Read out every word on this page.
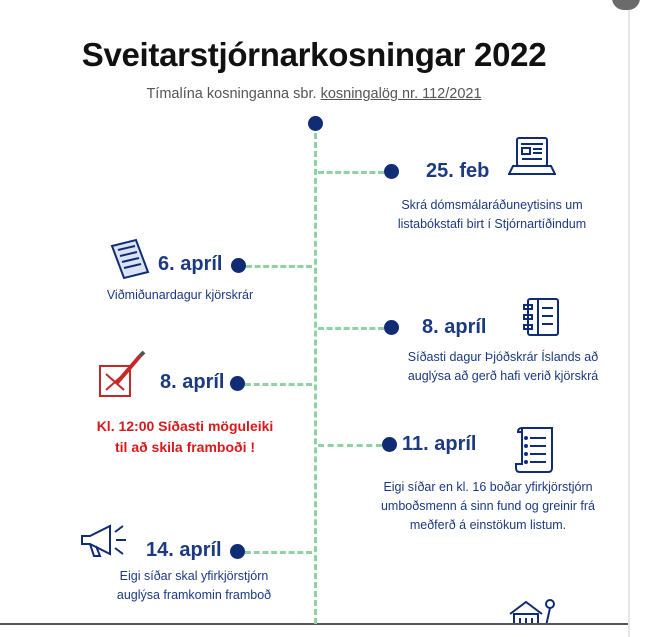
Sveitarstjórnarkosningar 2022
Tímalína kosninganna sbr. kosningalög nr. 112/2021
25. feb
Skrá dómsmálaráðuneytisins um
listabókstafi birt í Stjórnartíðindum
6. apríl
Viðmiðunardagur kjörskrár
8. apríl
Síðasti dagur Þjóðskrár Íslands að
auglýsa að gerð hafi verið kjörskrá
8. apríl
Kl. 12:00 Síðasti möguleiki
til að skila framboði !	11. apríl
Eigi síðar en kl. 16 boðar yfirkjörstjórn
umboðsmenn á sinn fund og greinir frá
meðferð á einstökum listum.
14. apríl
Eigi síðar skal yfirkjörstjórn
auglýsa framkomin framboð
